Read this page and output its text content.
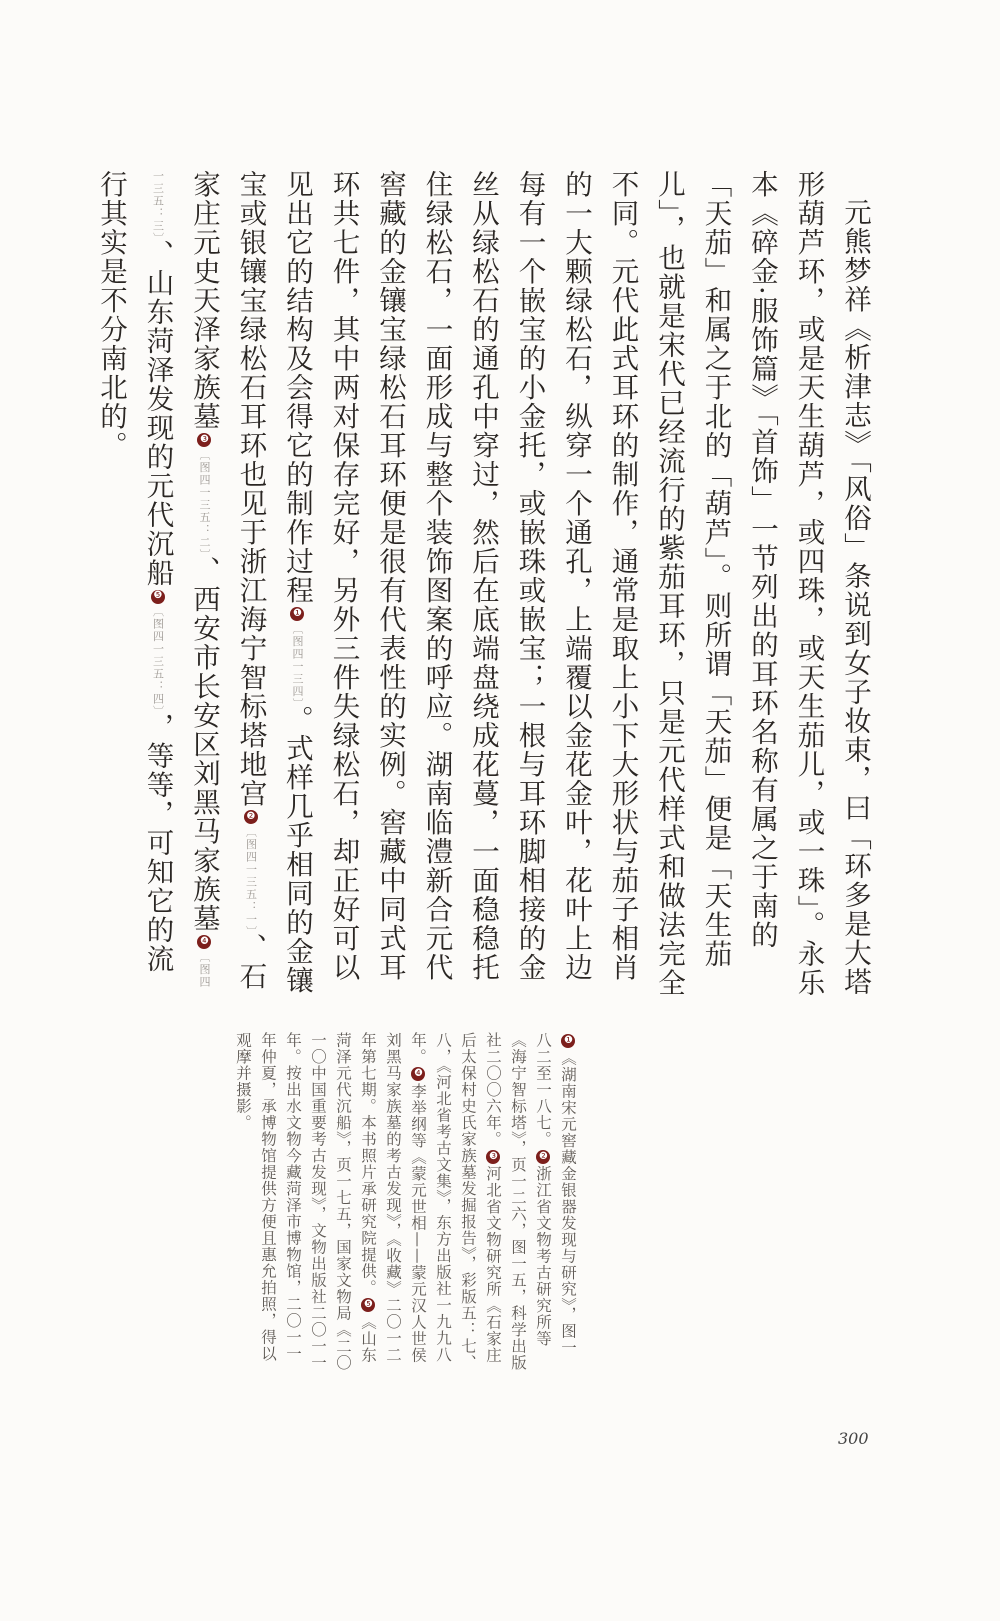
元熊梦祥《析津志》「风俗」条说到女子妆束，曰「环多是大塔形葫芦环，或是天生葫芦，或四珠，或天生茄儿，或一珠」。永乐本《碎金·服饰篇》「首饰」一节列出的耳环名称有属之于南的「天茄」和属之于北的「葫芦」。则所谓「天茄」便是「天生茄儿」，也就是宋代已经流行的紫茄耳环，只是元代样式和做法完全不同。元代此式耳环的制作，通常是取上小下大形状与茄子相肖的一大颗绿松石，纵穿一个通孔，上端覆以金花金叶，花叶上边每有一个嵌宝的小金托，或嵌珠或嵌宝；一根与耳环脚相接的金丝从绿松石的通孔中穿过，然后在底端盘绕成花蔓，一面稳稳托住绿松石，一面形成与整个装饰图案的呼应。湖南临澧新合元代窖藏的金镶宝绿松石耳环便是很有代表性的实例。窖藏中同式耳环共七件，其中两对保存完好，另外三件失绿松石，却正好可以见出它的结构及会得它的制作过程❶〔图四一三四〕。式样几乎相同的金镶宝或银镶宝绿松石耳环也见于浙江海宁智标塔地宫❷〔图四一三五：一〕、石家庄元史天泽家族墓❸〔图四一三五：二〕、西安市长安区刘黑马家族墓❹〔图四一三五：三〕、山东菏泽发现的元代沉船❺〔图四一三五：四〕，等等，可知它的流行其实是不分南北的。

❶《湖南宋元窖藏金银器发现与研究》，图一八二至一八七。❷浙江省文物考古研究所等《海宁智标塔》，页一二六，图一五，科学出版社二〇〇六年。❸河北省文物研究所《石家庄后太保村史氏家族墓发掘报告》，彩版五：七、八，《河北省考古文集》，东方出版社一九九八年。❹李举纲等《蒙元世相——蒙元汉人世侯刘黑马家族墓的考古发现》，《收藏》二〇一二年第七期。本书照片承研究院提供。❺《山东菏泽元代沉船》，页一七五，国家文物局《二〇一〇中国重要考古发现》，文物出版社二〇一一年。按出水文物今藏菏泽市博物馆，二〇一一年仲夏，承博物馆提供方便且惠允拍照，得以观摩并摄影。
300
